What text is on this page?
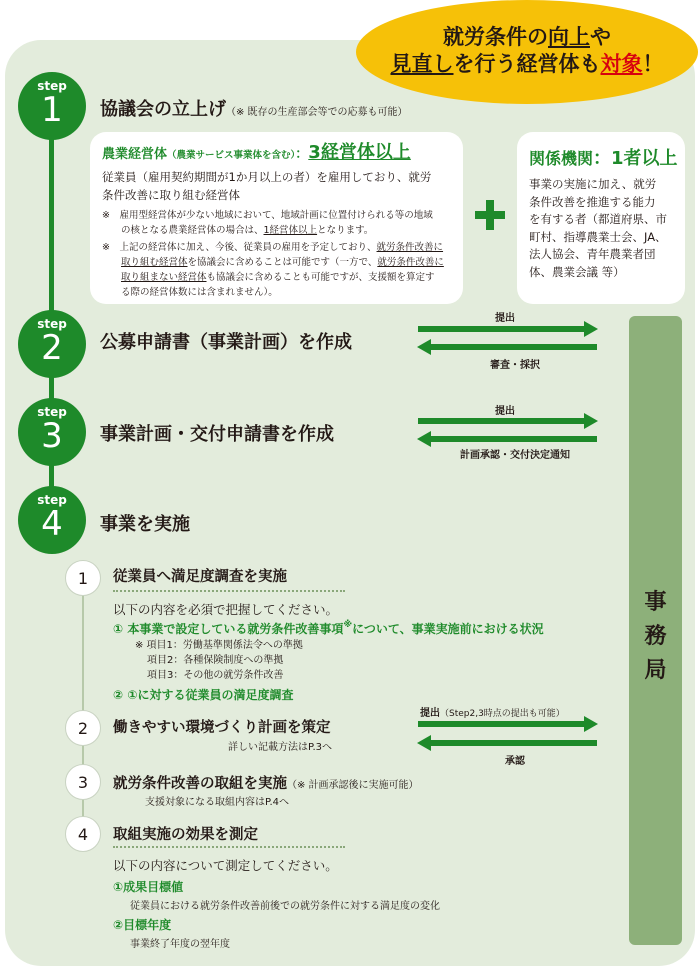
就労条件の向上や
見直しを行う経営体も対象！
step
1	協議会の立上げ（※ 既存の生産部会等での応募も可能）
農業経営体（農業サービス事業体を含む）：3経営体以上
従業員（雇用契約期間が1か月以上の者）を雇用しており、就労
条件改善に取り組む経営体
※　雇用型経営体が少ない地域において、地域計画に位置付けられる等の地域
の核となる農業経営体の場合は、1経営体以上となります。
※　上記の経営体に加え、今後、従業員の雇用を予定しており、就労条件改善に
取り組む経営体を協議会に含めることは可能です（一方で、就労条件改善に
取り組まない経営体も協議会に含めることも可能ですが、支援額を算定す
る際の経営体数には含まれません）。
関係機関：1者以上
事業の実施に加え、就労
条件改善を推進する能力
を有する者（都道府県、市
町村、指導農業士会、JA、
法人協会、青年農業者団
体、農業会議 等）
事
務
局
step
2	公募申請書（事業計画）を作成
提出
審査・採択
step
3	事業計画・交付申請書を作成
提出
計画承認・交付決定通知
step
4	事業を実施
1	従業員へ満足度調査を実施
以下の内容を必須で把握してください。
① 本事業で設定している就労条件改善事項※について、事業実施前における状況
※ 項目1：労働基準関係法令への準拠
項目2：各種保険制度への準拠
項目3：その他の就労条件改善
② ①に対する従業員の満足度調査
2	働きやすい環境づくり計画を策定
詳しい記載方法はP.3へ
提出（Step2,3時点の提出も可能）
承認
3	就労条件改善の取組を実施（※ 計画承認後に実施可能）
支援対象になる取組内容はP.4へ
4	取組実施の効果を測定
以下の内容について測定してください。
①成果目標値
従業員における就労条件改善前後での就労条件に対する満足度の変化
②目標年度
事業終了年度の翌年度
